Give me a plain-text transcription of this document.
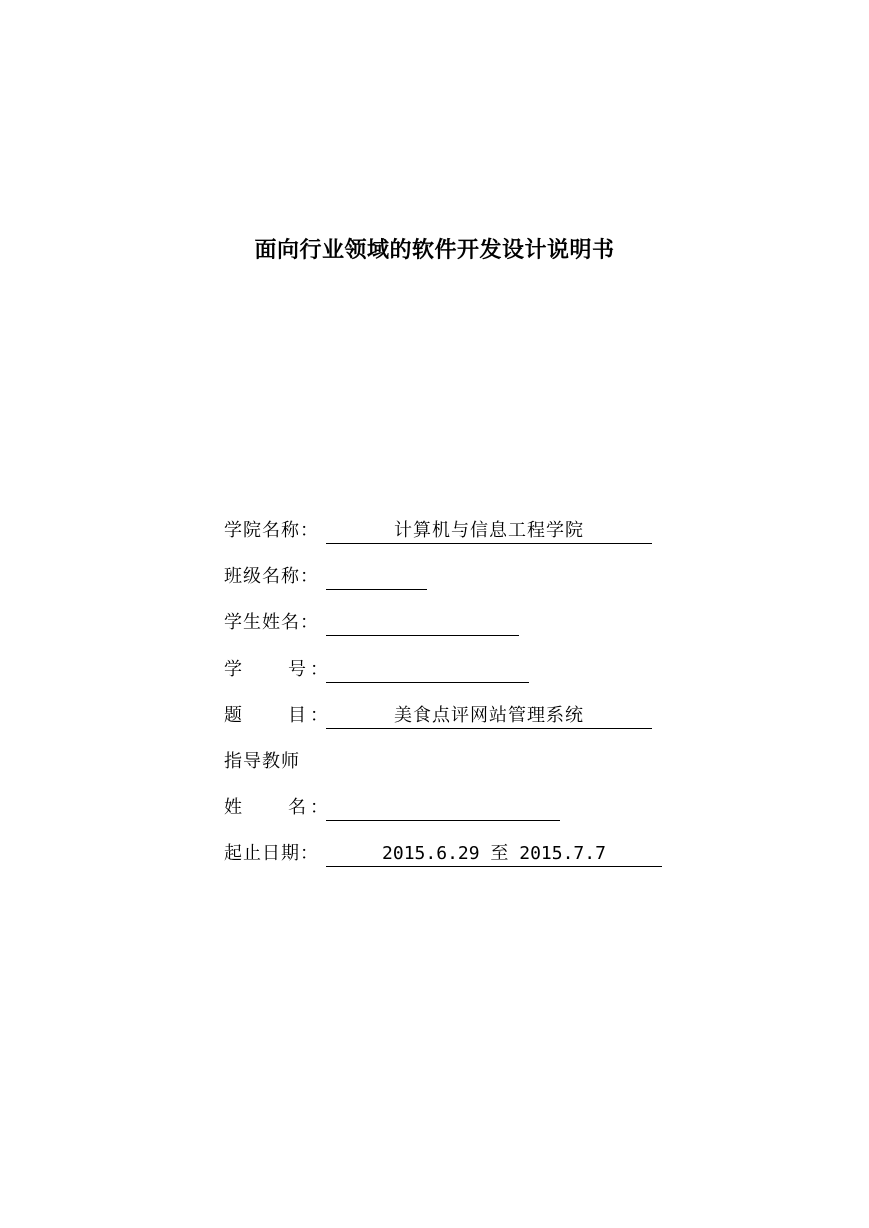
面向行业领域的软件开发设计说明书
学院名称：	计算机与信息工程学院
班级名称：
学生姓名：
学	号 ：
题	目 ：	美食点评网站管理系统
指导教师
姓	名 ：
起止日期：	2015.6.29 至 2015.7.7
